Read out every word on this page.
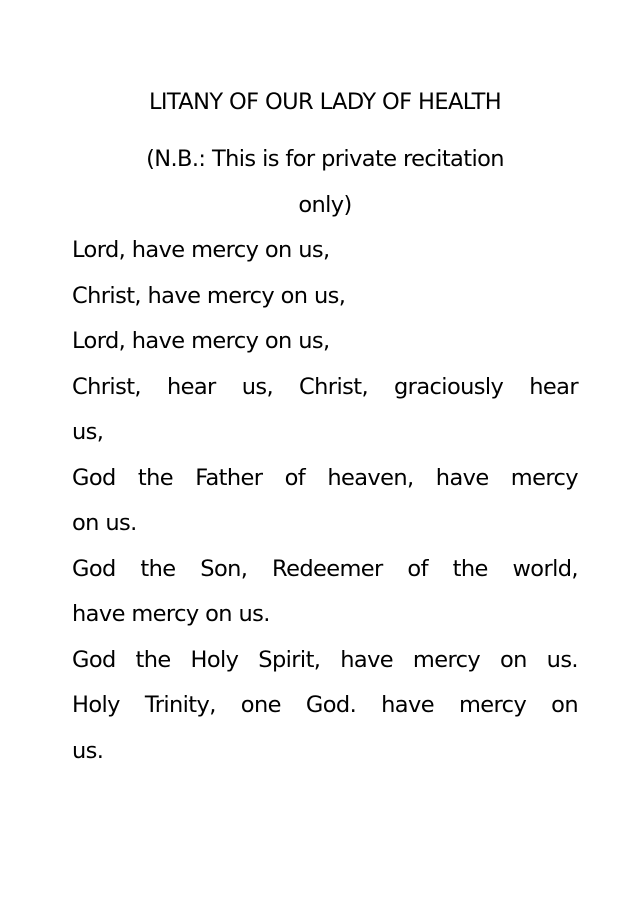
LITANY OF OUR LADY OF HEALTH
(N.B.: This is for private recitation
only)
Lord, have mercy on us,
Christ, have mercy on us,
Lord, have mercy on us,
Christ, hear us, Christ, graciously hear
us,
God the Father of heaven, have mercy
on us.
God the Son, Redeemer of the world,
have mercy on us.
God the Holy Spirit, have mercy on us.
Holy Trinity, one God. have mercy on
us.
